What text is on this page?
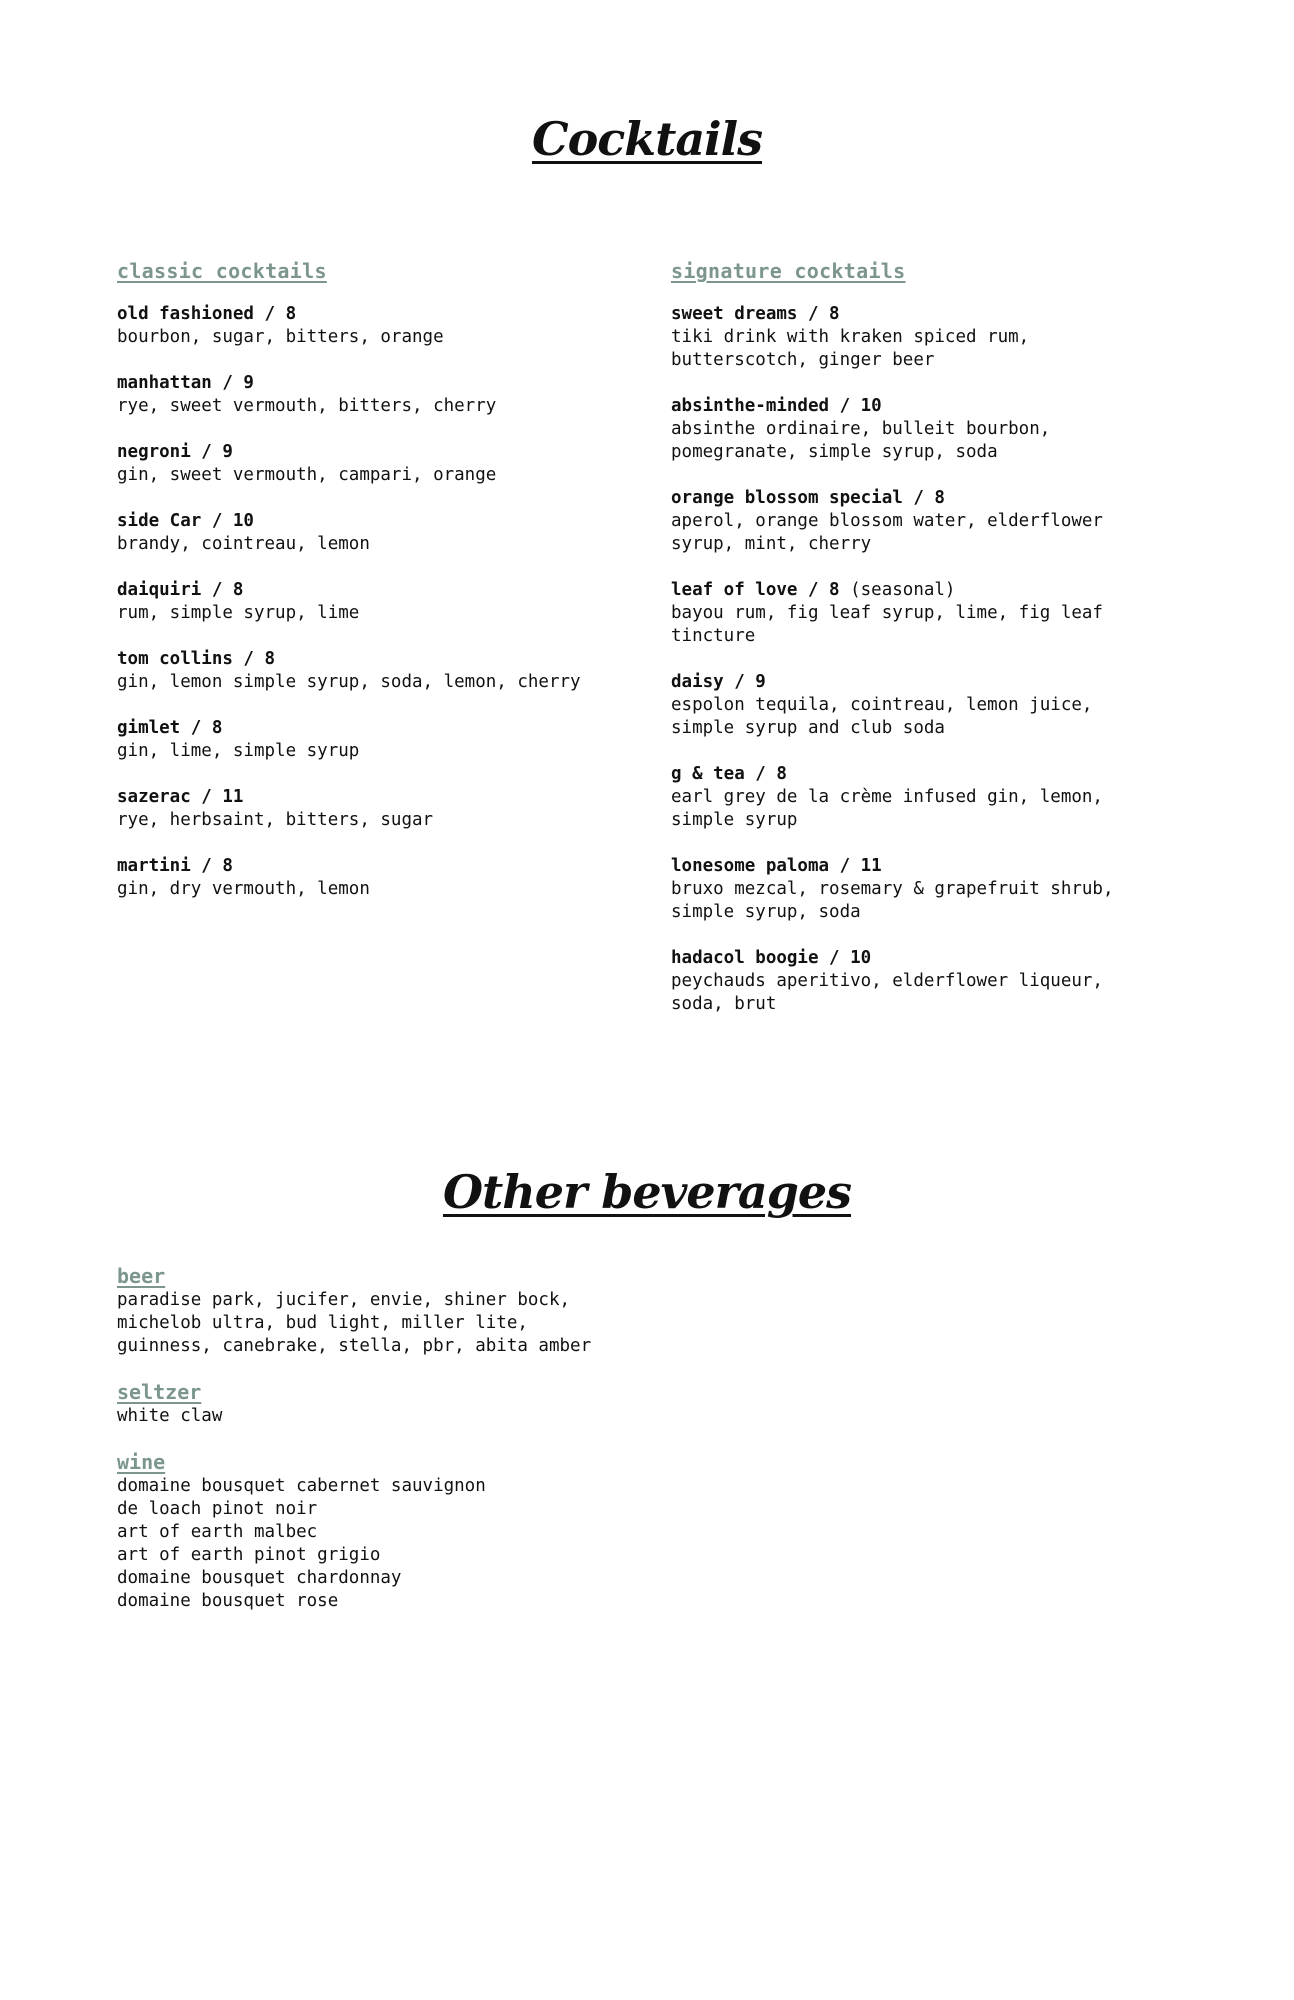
Cocktails
classic cocktails
old fashioned / 8
bourbon, sugar, bitters, orange
manhattan / 9
rye, sweet vermouth, bitters, cherry
negroni / 9
gin, sweet vermouth, campari, orange
side Car / 10
brandy, cointreau, lemon
daiquiri / 8
rum, simple syrup, lime
tom collins / 8
gin, lemon simple syrup, soda, lemon, cherry
gimlet / 8
gin, lime, simple syrup
sazerac / 11
rye, herbsaint, bitters, sugar
martini / 8
gin, dry vermouth, lemon
signature cocktails
sweet dreams / 8
tiki drink with kraken spiced rum,
butterscotch, ginger beer
absinthe-minded / 10
absinthe ordinaire, bulleit bourbon,
pomegranate, simple syrup, soda
orange blossom special / 8
aperol, orange blossom water, elderflower
syrup, mint, cherry
leaf of love / 8 (seasonal)
bayou rum, fig leaf syrup, lime, fig leaf
tincture
daisy / 9
espolon tequila, cointreau, lemon juice,
simple syrup and club soda
g & tea / 8
earl grey de la crème infused gin, lemon,
simple syrup
lonesome paloma / 11
bruxo mezcal, rosemary & grapefruit shrub,
simple syrup, soda
hadacol boogie / 10
peychauds aperitivo, elderflower liqueur,
soda, brut
Other beverages
beer
paradise park, jucifer, envie, shiner bock,
michelob ultra, bud light, miller lite,
guinness, canebrake, stella, pbr, abita amber
seltzer
white claw
wine
domaine bousquet cabernet sauvignon
de loach pinot noir
art of earth malbec
art of earth pinot grigio
domaine bousquet chardonnay
domaine bousquet rose
